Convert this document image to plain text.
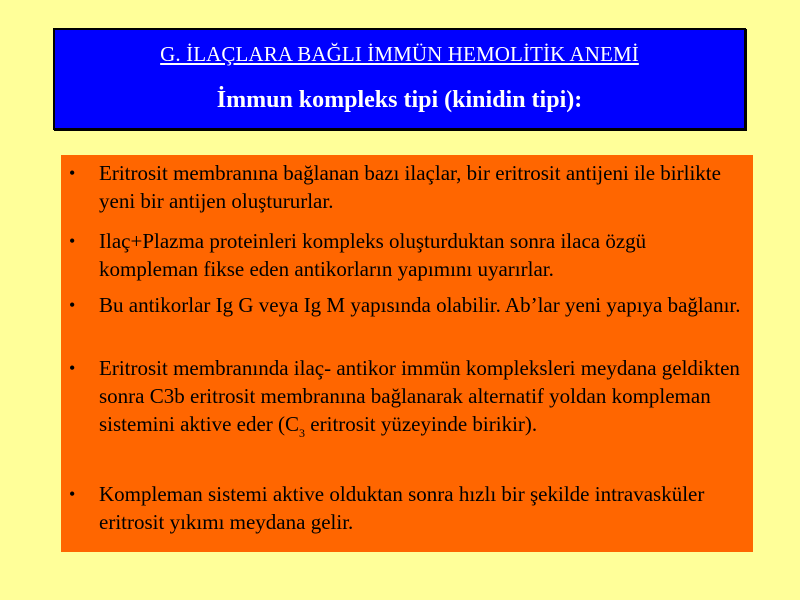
G. İLAÇLARA BAĞLI İMMÜN HEMOLİTİK ANEMİ
İmmun kompleks tipi (kinidin tipi):
•	Eritrosit membranına bağlanan bazı ilaçlar, bir eritrosit antijeni ile birlikte yeni bir antijen oluştururlar.
•	Ilaç+Plazma proteinleri kompleks oluşturduktan sonra ilaca özgü kompleman fikse eden antikorların yapımını uyarırlar.
•	Bu antikorlar Ig G veya Ig M yapısında olabilir. Ab’lar yeni yapıya bağlanır.
•	Eritrosit membranında ilaç- antikor immün kompleksleri meydana geldikten sonra C3b eritrosit membranına bağlanarak alternatif yoldan kompleman sistemini aktive eder ($C_3$ eritrosit yüzeyinde birikir).
•	Kompleman sistemi aktive olduktan sonra hızlı bir şekilde intravasküler eritrosit yıkımı meydana gelir.
